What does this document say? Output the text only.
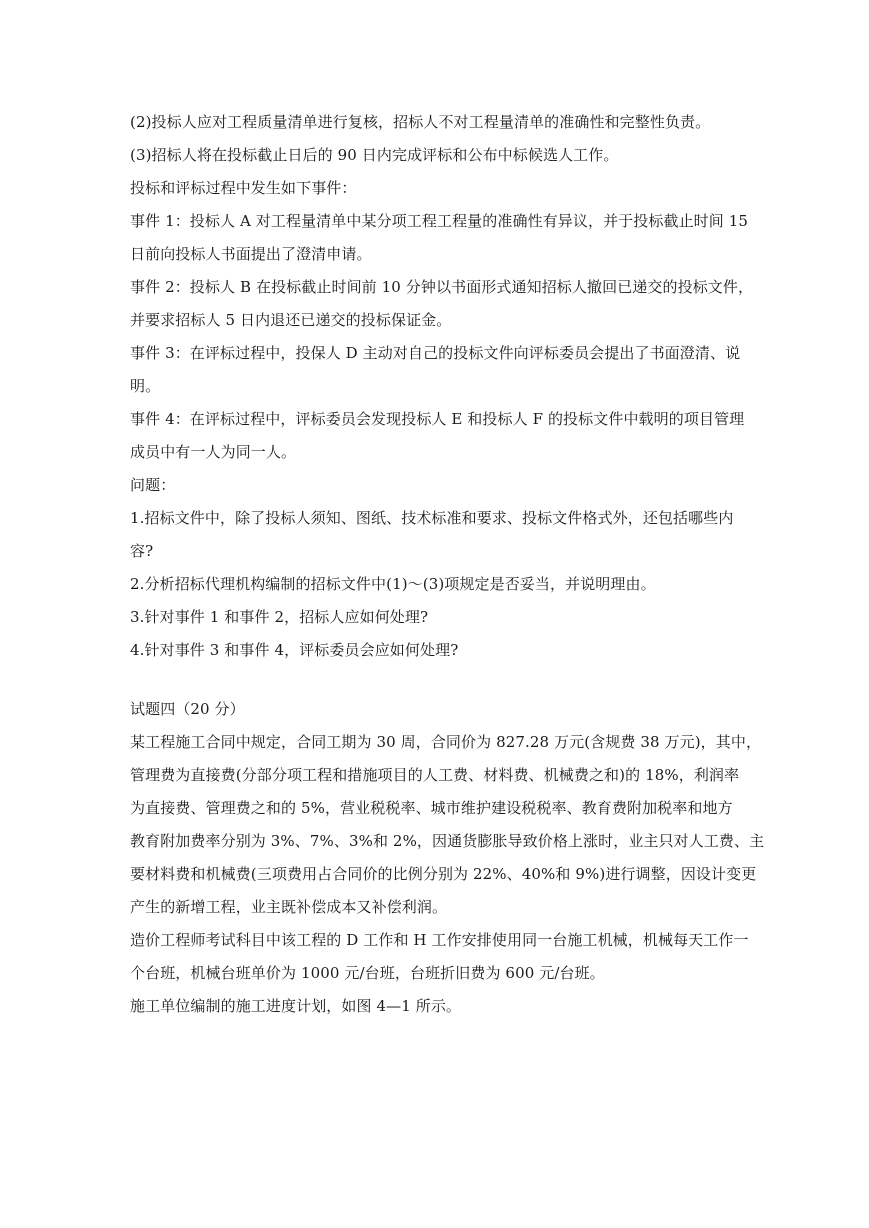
(2)投标人应对工程质量清单进行复核，招标人不对工程量清单的准确性和完整性负责。
(3)招标人将在投标截止日后的 90 日内完成评标和公布中标候选人工作。
投标和评标过程中发生如下事件：
事件 1：投标人 A 对工程量清单中某分项工程工程量的准确性有异议，并于投标截止时间 15
日前向投标人书面提出了澄清申请。
事件 2：投标人 B 在投标截止时间前 10 分钟以书面形式通知招标人撤回已递交的投标文件，
并要求招标人 5 日内退还已递交的投标保证金。
事件 3：在评标过程中，投保人 D 主动对自己的投标文件向评标委员会提出了书面澄清、说
明。
事件 4：在评标过程中，评标委员会发现投标人 E 和投标人 F 的投标文件中载明的项目管理
成员中有一人为同一人。
问题：
1.招标文件中，除了投标人须知、图纸、技术标准和要求、投标文件格式外，还包括哪些内
容?
2.分析招标代理机构编制的招标文件中(1)～(3)项规定是否妥当，并说明理由。
3.针对事件 1 和事件 2，招标人应如何处理?
4.针对事件 3 和事件 4，评标委员会应如何处理?
试题四（20 分）
某工程施工合同中规定，合同工期为 30 周，合同价为 827.28 万元(含规费 38 万元)，其中，
管理费为直接费(分部分项工程和措施项目的人工费、材料费、机械费之和)的 18%，利润率
为直接费、管理费之和的 5%，营业税税率、城市维护建设税税率、教育费附加税率和地方
教育附加费率分别为 3%、7%、3%和 2%，因通货膨胀导致价格上涨时，业主只对人工费、主
要材料费和机械费(三项费用占合同价的比例分别为 22%、40%和 9%)进行调整，因设计变更
产生的新增工程，业主既补偿成本又补偿利润。
造价工程师考试科目中该工程的 D 工作和 H 工作安排使用同一台施工机械，机械每天工作一
个台班，机械台班单价为 1000 元/台班，台班折旧费为 600 元/台班。
施工单位编制的施工进度计划，如图 4—1 所示。
